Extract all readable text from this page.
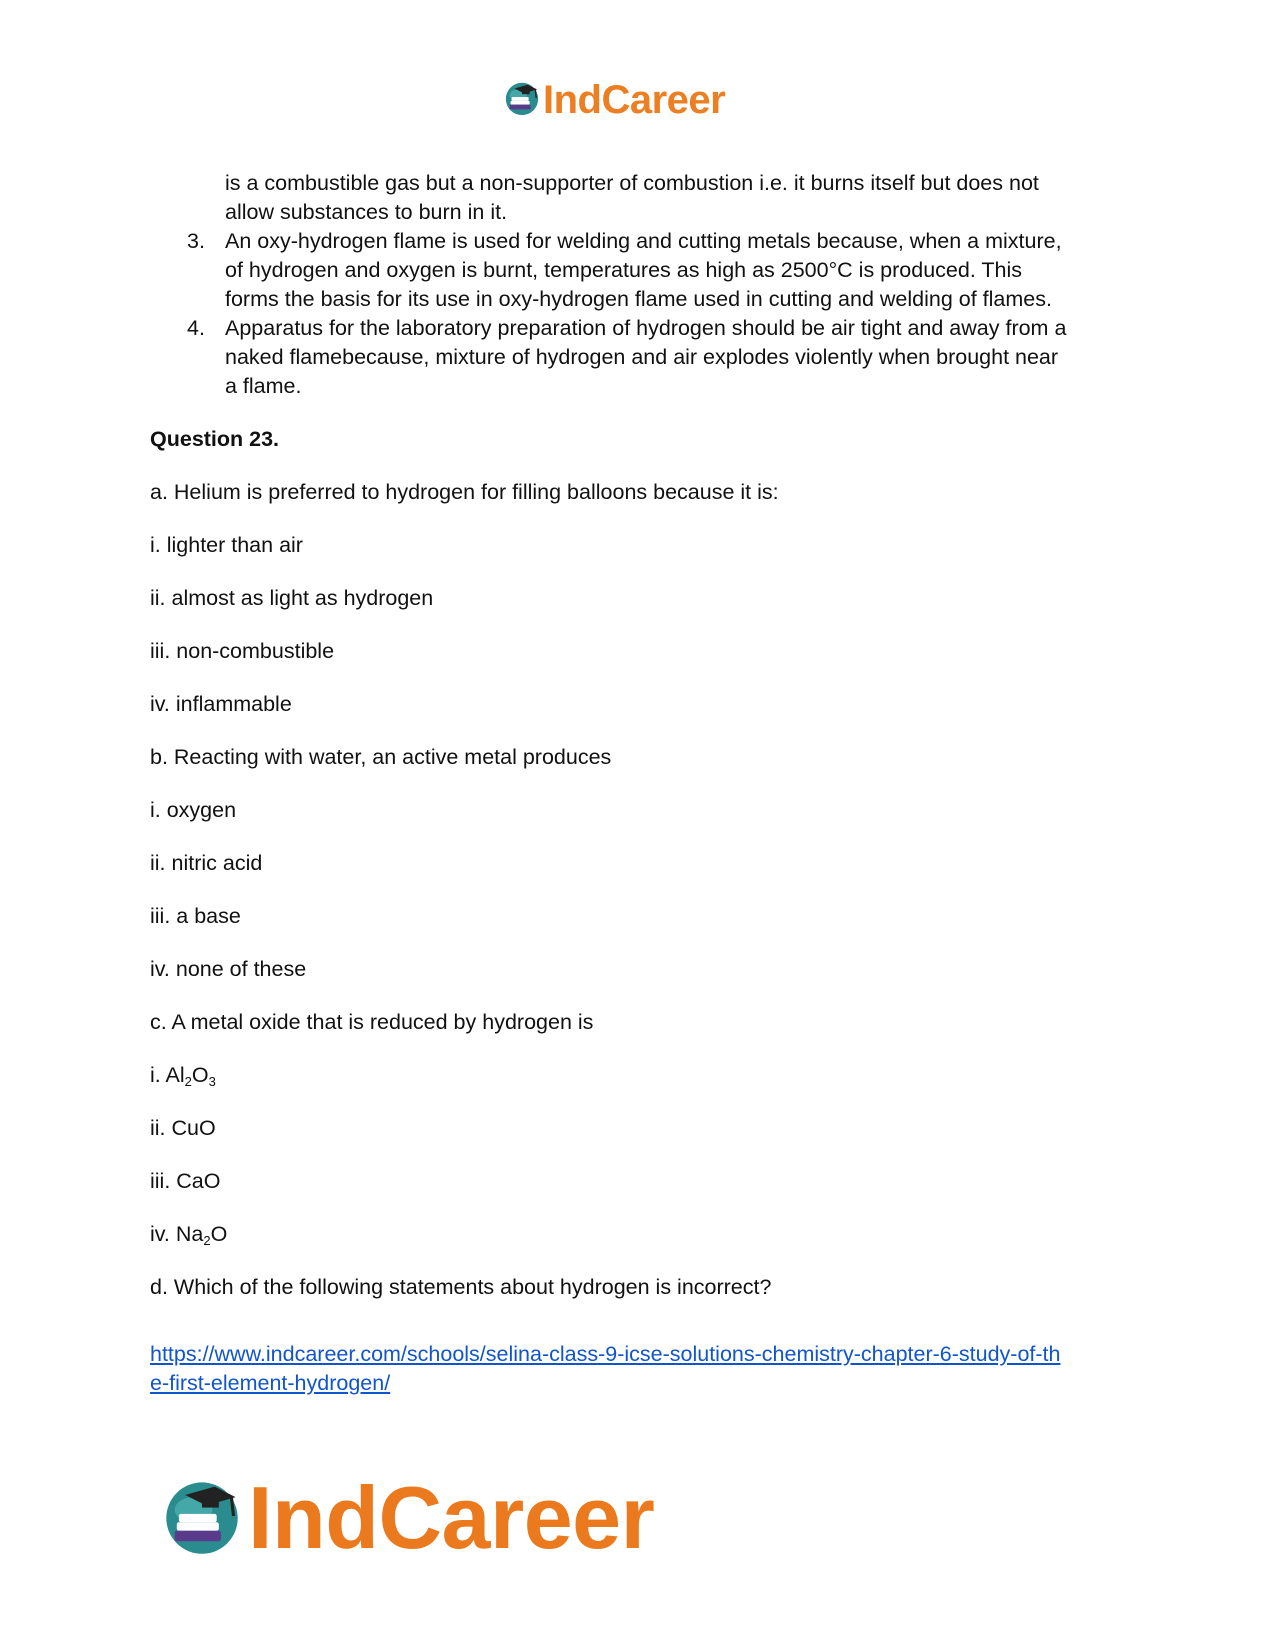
IndCareer
is a combustible gas but a non-supporter of combustion i.e. it burns itself but does not
allow substances to burn in it.
3. An oxy-hydrogen flame is used for welding and cutting metals because, when a mixture,
of hydrogen and oxygen is burnt, temperatures as high as 2500°C is produced. This
forms the basis for its use in oxy-hydrogen flame used in cutting and welding of flames.
4. Apparatus for the laboratory preparation of hydrogen should be air tight and away from a
naked flamebecause, mixture of hydrogen and air explodes violently when brought near
a flame.
Question 23.
a. Helium is preferred to hydrogen for filling balloons because it is:
i. lighter than air
ii. almost as light as hydrogen
iii. non-combustible
iv. inflammable
b. Reacting with water, an active metal produces
i. oxygen
ii. nitric acid
iii. a base
iv. none of these
c. A metal oxide that is reduced by hydrogen is
i. $Al_2O_3$
ii. CuO
iii. CaO
iv. $Na_2O$
d. Which of the following statements about hydrogen is incorrect?
https://www.indcareer.com/schools/selina-class-9-icse-solutions-chemistry-chapter-6-study-of-th
e-first-element-hydrogen/
IndCareer
